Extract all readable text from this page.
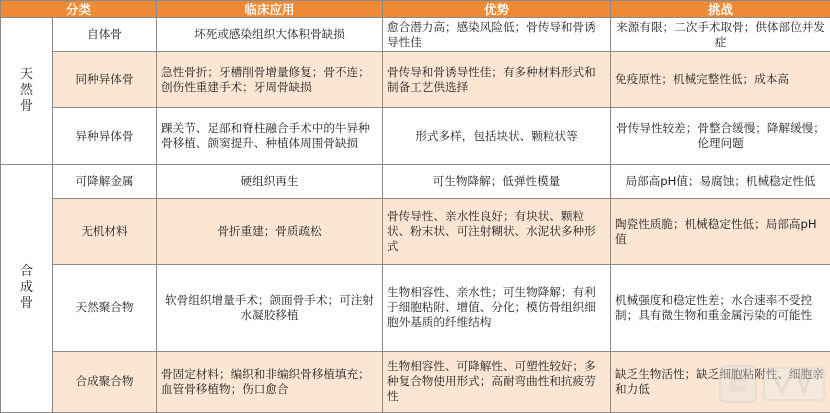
分类		临床应用	优势	挑战

天然骨	自体骨	坏死或感染组织大体积骨缺损	愈合潜力高；感染风险低；骨传导和骨诱导性佳	来源有限；二次手术取骨；供体部位并发症
	同种异体骨	急性骨折；牙槽削骨增量修复；骨不连；创伤性重建手术；牙周骨缺损	骨传导和骨诱导性佳；有多种材料形式和制备工艺供选择	免疫原性；机械完整性低；成本高
	异种异体骨	踝关节、足部和脊柱融合手术中的牛异种骨移植、颌窦提升、种植体周围骨缺损	形式多样，包括块状、颗粒状等	骨传导性较差；骨整合缓慢；降解缓慢；伦理问题

合成骨	可降解金属	硬组织再生	可生物降解；低弹性模量	局部高pH值；易腐蚀；机械稳定性低
	无机材料	骨折重建；骨质疏松	骨传导性、亲水性良好；有块状、颗粒状、粉末状、可注射糊状、水泥状多种形式	陶瓷性质脆；机械稳定性低；局部高pH值
	天然聚合物	软骨组织增量手术；颌面骨手术；可注射水凝胶移植	生物相容性、亲水性；可生物降解；有利于细胞粘附、增值、分化；模仿骨组织细胞外基质的纤维结构	机械强度和稳定性差；水合速率不受控制；具有微生物和重金属污染的可能性
	合成聚合物	骨固定材料；编织和非编织骨移植填充；血管骨移植物；伤口愈合	生物相容性、可降解性、可塑性较好；多种复合物使用形式；高耐弯曲性和抗疲劳性	缺乏生物活性；缺乏细胞粘附性、细胞亲和力低
